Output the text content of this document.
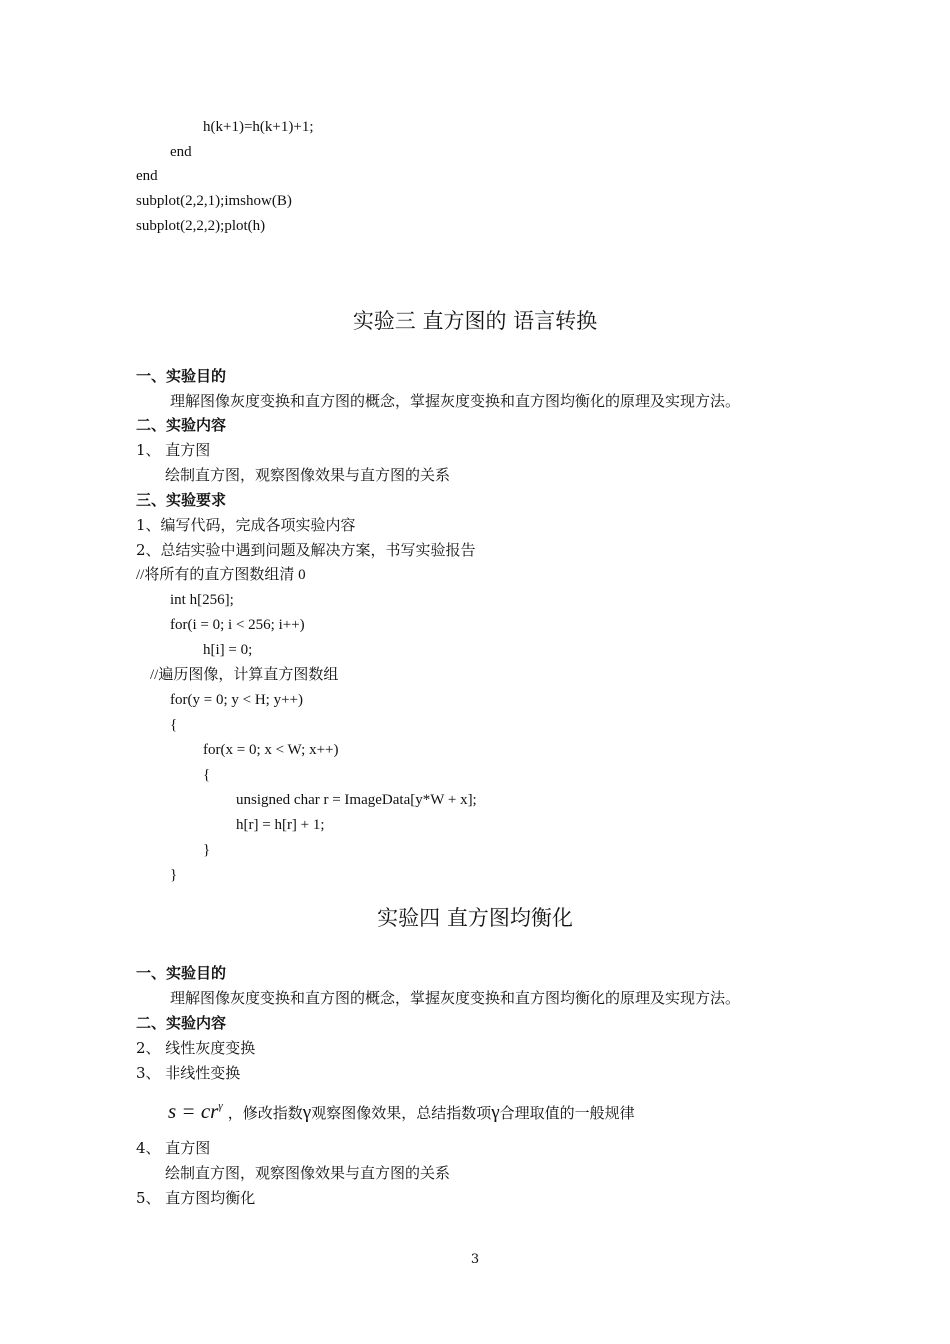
h(k+1)=h(k+1)+1;
end
end
subplot(2,2,1);imshow(B)
subplot(2,2,2);plot(h)
实验三 直方图的 语言转换
一、实验目的
理解图像灰度变换和直方图的概念，掌握灰度变换和直方图均衡化的原理及实现方法。
二、实验内容
1、 直方图
绘制直方图，观察图像效果与直方图的关系
三、实验要求
1、编写代码，完成各项实验内容
2、总结实验中遇到问题及解决方案，书写实验报告
//将所有的直方图数组清 0
int h[256];
for(i = 0; i < 256; i++)
h[i] = 0;
//遍历图像，计算直方图数组
for(y = 0; y < H; y++)
{
for(x = 0; x < W; x++)
{
unsigned char r = ImageData[y*W + x];
h[r] = h[r] + 1;
}
}
实验四 直方图均衡化
一、实验目的
理解图像灰度变换和直方图的概念，掌握灰度变换和直方图均衡化的原理及实现方法。
二、实验内容
2、 线性灰度变换
3、 非线性变换
$s = cr^\gamma$ ，修改指数γ观察图像效果，总结指数项γ合理取值的一般规律
4、 直方图
绘制直方图，观察图像效果与直方图的关系
5、 直方图均衡化
3
